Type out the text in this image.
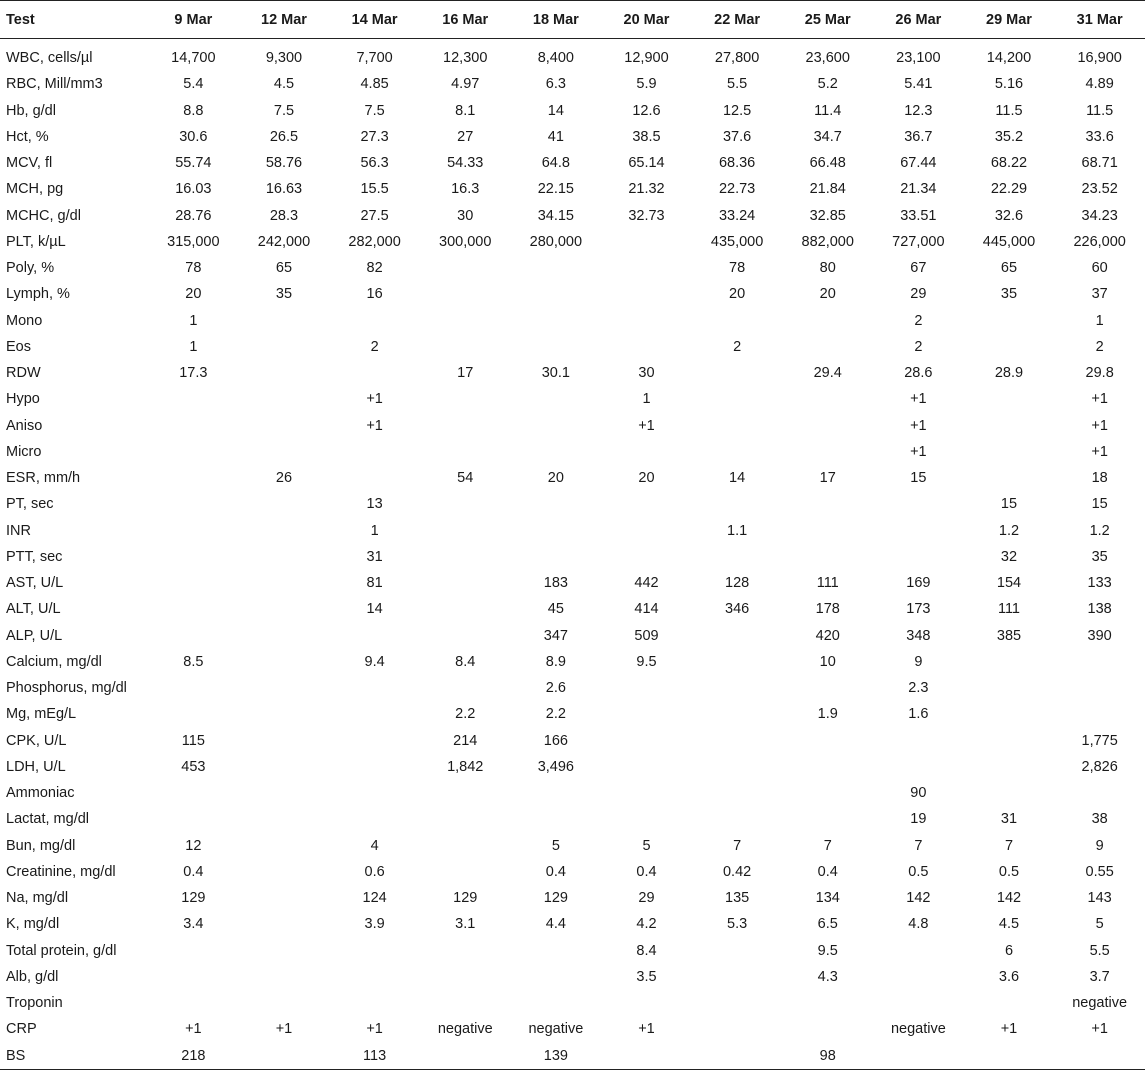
Test	9 Mar	12 Mar	14 Mar	16 Mar	18 Mar	20 Mar	22 Mar	25 Mar	26 Mar	29 Mar	31 Mar
WBC, cells/µl	14,700	9,300	7,700	12,300	8,400	12,900	27,800	23,600	23,100	14,200	16,900
RBC, Mill/mm3	5.4	4.5	4.85	4.97	6.3	5.9	5.5	5.2	5.41	5.16	4.89
Hb, g/dl	8.8	7.5	7.5	8.1	14	12.6	12.5	11.4	12.3	11.5	11.5
Hct, %	30.6	26.5	27.3	27	41	38.5	37.6	34.7	36.7	35.2	33.6
MCV, fl	55.74	58.76	56.3	54.33	64.8	65.14	68.36	66.48	67.44	68.22	68.71
MCH, pg	16.03	16.63	15.5	16.3	22.15	21.32	22.73	21.84	21.34	22.29	23.52
MCHC, g/dl	28.76	28.3	27.5	30	34.15	32.73	33.24	32.85	33.51	32.6	34.23
PLT, k/µL	315,000	242,000	282,000	300,000	280,000		435,000	882,000	727,000	445,000	226,000
Poly, %	78	65	82				78	80	67	65	60
Lymph, %	20	35	16				20	20	29	35	37
Mono	1								2		1
Eos	1		2				2		2		2
RDW	17.3			17	30.1	30		29.4	28.6	28.9	29.8
Hypo			+1			1			+1		+1
Aniso			+1			+1			+1		+1
Micro									+1		+1
ESR, mm/h		26		54	20	20	14	17	15		18
PT, sec			13							15	15
INR			1				1.1			1.2	1.2
PTT, sec			31							32	35
AST, U/L			81		183	442	128	111	169	154	133
ALT, U/L			14		45	414	346	178	173	111	138
ALP, U/L					347	509		420	348	385	390
Calcium, mg/dl	8.5		9.4	8.4	8.9	9.5		10	9		
Phosphorus, mg/dl					2.6				2.3		
Mg, mEg/L				2.2	2.2			1.9	1.6		
CPK, U/L	115			214	166						1,775
LDH, U/L	453			1,842	3,496						2,826
Ammoniac									90		
Lactat, mg/dl									19	31	38
Bun, mg/dl	12		4		5	5	7	7	7	7	9
Creatinine, mg/dl	0.4		0.6		0.4	0.4	0.42	0.4	0.5	0.5	0.55
Na, mg/dl	129		124	129	129	29	135	134	142	142	143
K, mg/dl	3.4		3.9	3.1	4.4	4.2	5.3	6.5	4.8	4.5	5
Total protein, g/dl						8.4		9.5		6	5.5
Alb, g/dl						3.5		4.3		3.6	3.7
Troponin											negative
CRP	+1	+1	+1	negative	negative	+1			negative	+1	+1
BS	218		113		139			98			
